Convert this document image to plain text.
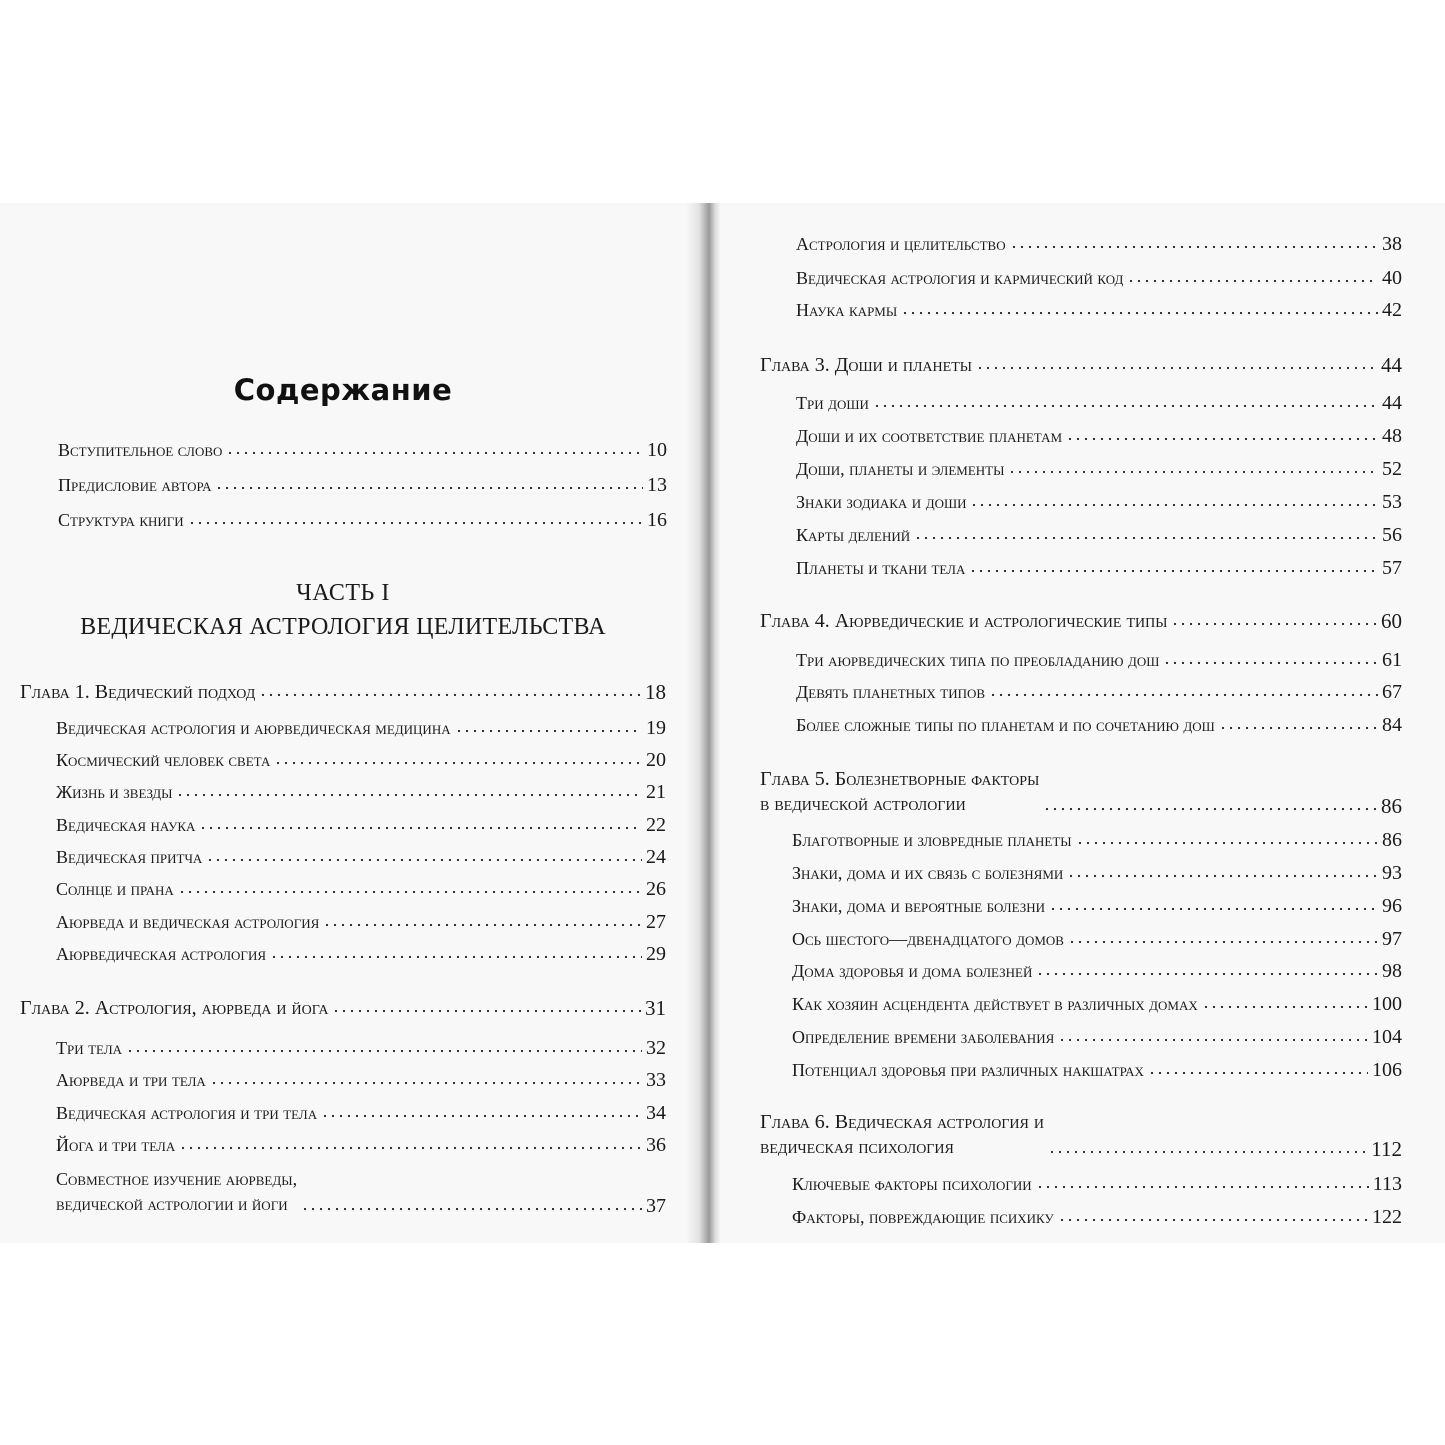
Содержание
Вступительное слово	10
Предисловие автора	13
Структура книги	16
ЧАСТЬ I
ВЕДИЧЕСКАЯ АСТРОЛОГИЯ ЦЕЛИТЕЛЬСТВА
Глава 1. Ведический подход	18
Ведическая астрология и аюрведическая медицина	19
Космический человек света	20
Жизнь и звезды	21
Ведическая наука	22
Ведическая притча	24
Солнце и прана	26
Аюрведа и ведическая астрология	27
Аюрведическая астрология	29
Глава 2. Астрология, аюрведа и йога	31
Три тела	32
Аюрведа и три тела	33
Ведическая астрология и три тела	34
Йога и три тела	36
Совместное изучение аюрведы,
ведической астрологии и йоги	37
Астрология и целительство	38
Ведическая астрология и кармический код	40
Наука кармы	42
Глава 3. Доши и планеты	44
Три доши	44
Доши и их соответствие планетам	48
Доши, планеты и элементы	52
Знаки зодиака и доши	53
Карты делений	56
Планеты и ткани тела	57
Глава 4. Аюрведические и астрологические типы	60
Три аюрведических типа по преобладанию дош	61
Девять планетных типов	67
Более сложные типы по планетам и по сочетанию дош	84
Глава 5. Болезнетворные факторы
в ведической астрологии	86
Благотворные и зловредные планеты	86
Знаки, дома и их связь с болезнями	93
Знаки, дома и вероятные болезни	96
Ось шестого—двенадцатого домов	97
Дома здоровья и дома болезней	98
Как хозяин асцендента действует в различных домах	100
Определение времени заболевания	104
Потенциал здоровья при различных накшатрах	106
Глава 6. Ведическая астрология и
ведическая психология	112
Ключевые факторы психологии	113
Факторы, повреждающие психику	122
